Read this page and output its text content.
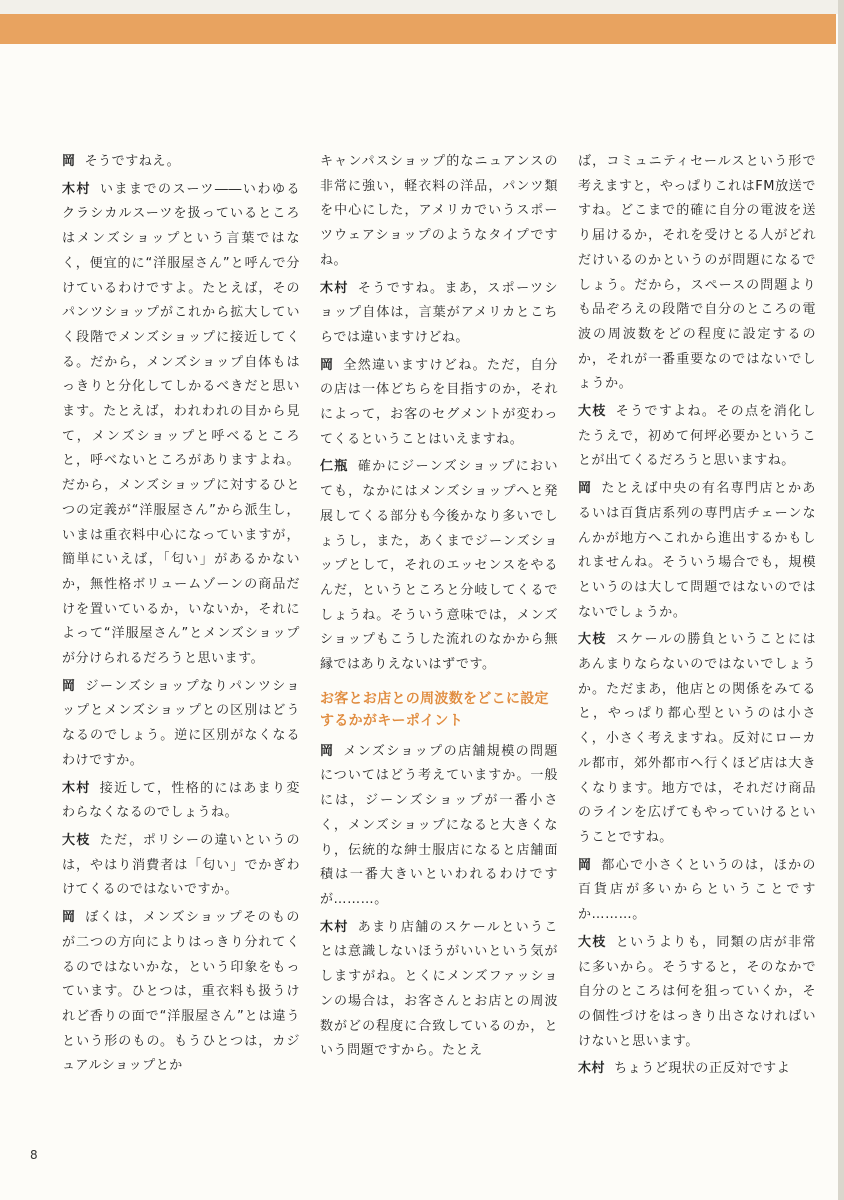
岡 そうですねえ。

木村 いままでのスーツ――いわゆるクラシカルスーツを扱っているところはメンズショップという言葉ではなく，便宜的に“洋服屋さん”と呼んで分けているわけですよ。たとえば，そのパンツショップがこれから拡大していく段階でメンズショップに接近してくる。だから，メンズショップ自体もはっきりと分化してしかるべきだと思います。たとえば，われわれの目から見て，メンズショップと呼べるところと，呼べないところがありますよね。だから，メンズショップに対するひとつの定義が“洋服屋さん”から派生し，いまは重衣料中心になっていますが，簡単にいえば，「匂い」があるかないか，無性格ボリュームゾーンの商品だけを置いているか，いないか，それによって“洋服屋さん”とメンズショップが分けられるだろうと思います。

岡 ジーンズショップなりパンツショップとメンズショップとの区別はどうなるのでしょう。逆に区別がなくなるわけですか。

木村 接近して，性格的にはあまり変わらなくなるのでしょうね。

大枝 ただ，ポリシーの違いというのは，やはり消費者は「匂い」でかぎわけてくるのではないですか。

岡 ぼくは，メンズショップそのものが二つの方向によりはっきり分れてくるのではないかな，という印象をもっています。ひとつは，重衣料も扱うけれど香りの面で“洋服屋さん”とは違うという形のもの。もうひとつは，カジュアルショップとか

キャンパスショップ的なニュアンスの非常に強い，軽衣料の洋品，パンツ類を中心にした，アメリカでいうスポーツウェアショップのようなタイプですね。

木村 そうですね。まあ，スポーツショップ自体は，言葉がアメリカとこちらでは違いますけどね。

岡 全然違いますけどね。ただ，自分の店は一体どちらを目指すのか，それによって，お客のセグメントが変わってくるということはいえますね。

仁瓶 確かにジーンズショップにおいても，なかにはメンズショップへと発展してくる部分も今後かなり多いでしょうし，また，あくまでジーンズショップとして，それのエッセンスをやるんだ，というところと分岐してくるでしょうね。そういう意味では，メンズショップもこうした流れのなかから無縁ではありえないはずです。

お客とお店との周波数をどこに設定するかがキーポイント

岡 メンズショップの店舗規模の問題についてはどう考えていますか。一般には，ジーンズショップが一番小さく，メンズショップになると大きくなり，伝統的な紳士服店になると店舗面積は一番大きいといわれるわけですが………。

木村 あまり店舗のスケールということは意識しないほうがいいという気がしますがね。とくにメンズファッションの場合は，お客さんとお店との周波数がどの程度に合致しているのか，という問題ですから。たとえ

ば，コミュニティセールスという形で考えますと，やっぱりこれはFM放送ですね。どこまで的確に自分の電波を送り届けるか，それを受けとる人がどれだけいるのかというのが問題になるでしょう。だから，スペースの問題よりも品ぞろえの段階で自分のところの電波の周波数をどの程度に設定するのか，それが一番重要なのではないでしょうか。

大枝 そうですよね。その点を消化したうえで，初めて何坪必要かということが出てくるだろうと思いますね。

岡 たとえば中央の有名専門店とかあるいは百貨店系列の専門店チェーンなんかが地方へこれから進出するかもしれませんね。そういう場合でも，規模というのは大して問題ではないのではないでしょうか。

大枝 スケールの勝負ということにはあんまりならないのではないでしょうか。ただまあ，他店との関係をみてると，やっぱり都心型というのは小さく，小さく考えますね。反対にローカル都市，郊外都市へ行くほど店は大きくなります。地方では，それだけ商品のラインを広げてもやっていけるということですね。

岡 都心で小さくというのは，ほかの百貨店が多いからということですか………。

大枝 というよりも，同類の店が非常に多いから。そうすると，そのなかで自分のところは何を狙っていくか，その個性づけをはっきり出さなければいけないと思います。

木村 ちょうど現状の正反対ですよ

8
